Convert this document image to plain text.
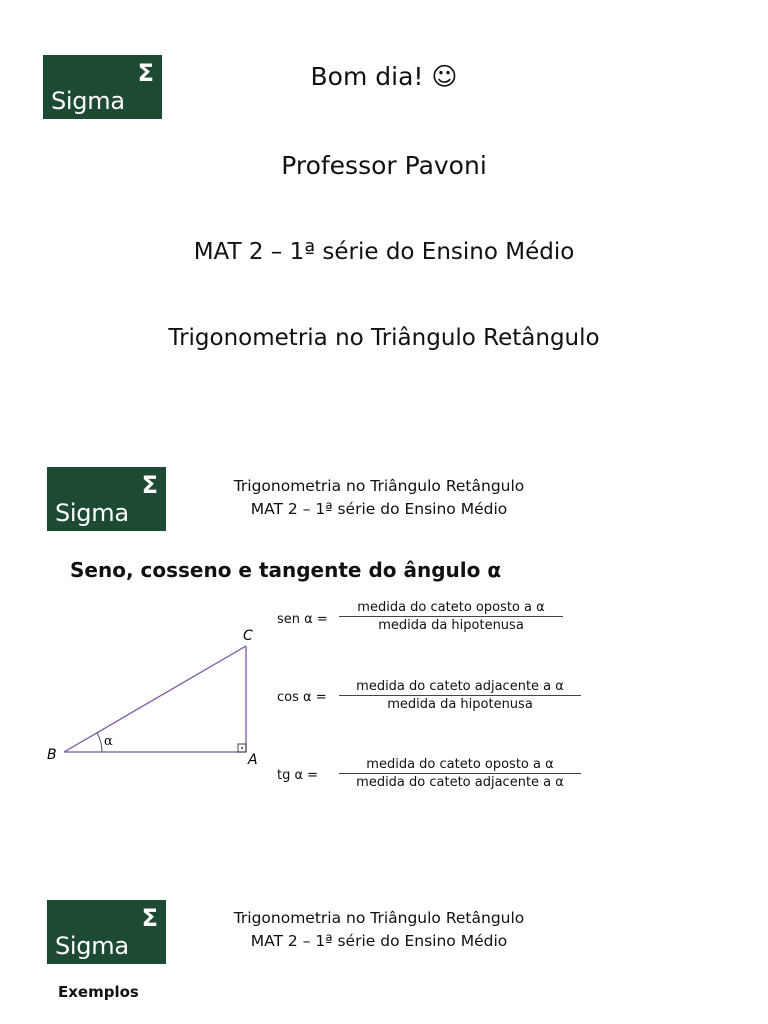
Sigma
Σ	Bom dia! ☺
Professor Pavoni
MAT 2 – 1ª série do Ensino Médio
Trigonometria no Triângulo Retângulo
Sigma
Σ	Trigonometria no Triângulo Retângulo
MAT 2 – 1ª série do Ensino Médio
Seno, cosseno e tangente do ângulo α
B	A
C
α
sen α =
medida do cateto oposto a α
medida da hipotenusa
cos α =
medida do cateto adjacente a α
medida da hipotenusa
tg α =
medida do cateto oposto a α
medida do cateto adjacente a α
Sigma
Σ	Trigonometria no Triângulo Retângulo
MAT 2 – 1ª série do Ensino Médio
Exemplos
